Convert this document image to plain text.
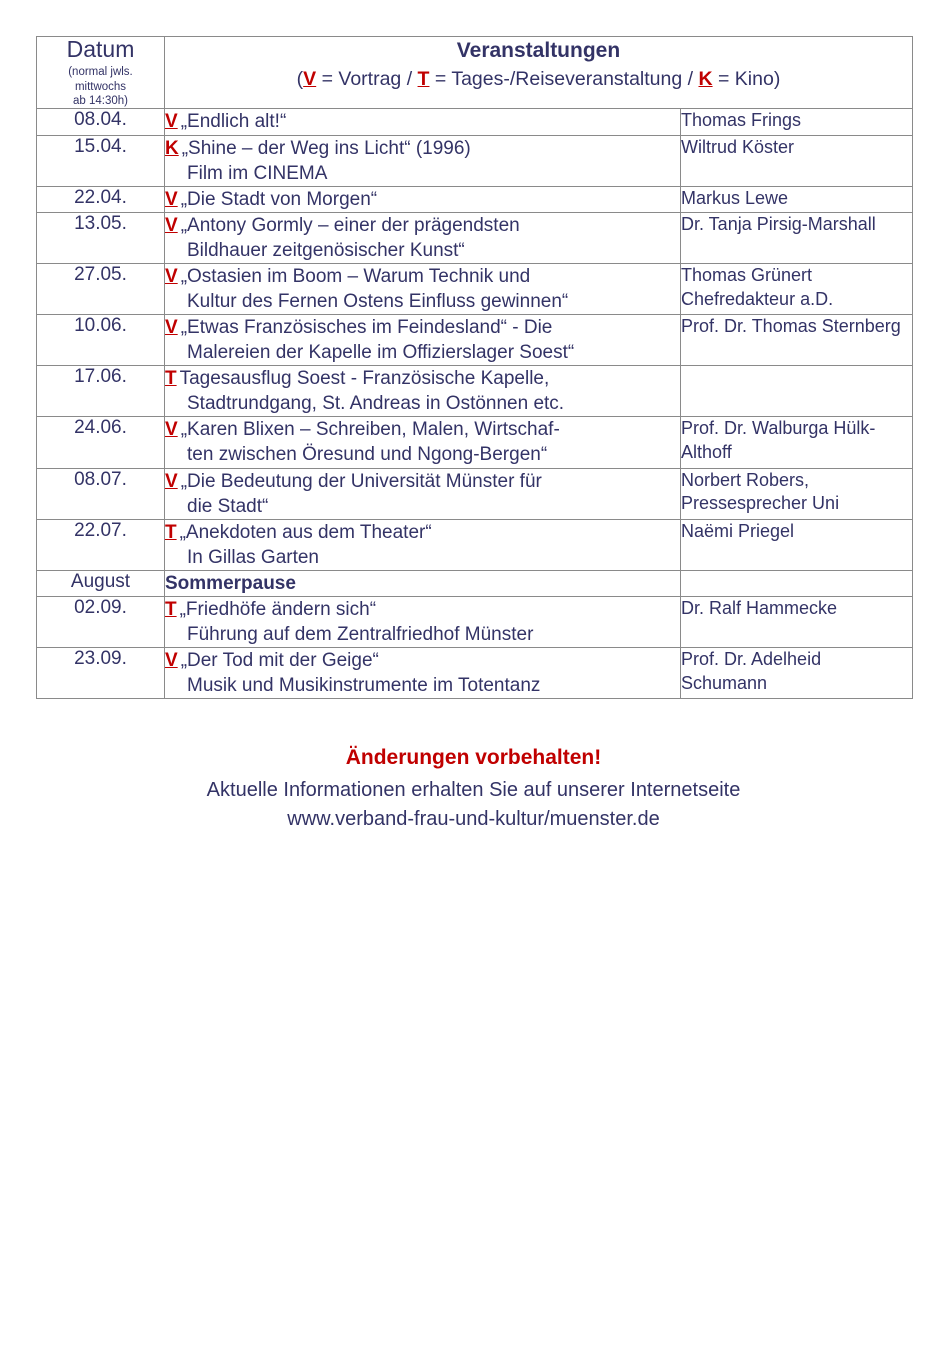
Datum
(normal jwls.
mittwochs
ab 14:30h)
	Veranstaltungen
(V = Vortrag / T = Tages-/Reiseveranstaltung / K = Kino)

08.04.	V „Endlich alt!“	Thomas Frings
15.04.	K „Shine – der Weg ins Licht“ (1996)
Film im CINEMA	Wiltrud Köster
22.04.	V „Die Stadt von Morgen“	Markus Lewe
13.05.	V „Antony Gormly – einer der prägendsten
Bildhauer zeitgenösischer Kunst“	Dr. Tanja Pirsig-Marshall
27.05.	V „Ostasien im Boom – Warum Technik und
Kultur des Fernen Ostens Einfluss gewinnen“	Thomas Grünert Chefredakteur a.D.
10.06.	V „Etwas Französisches im Feindesland“ - Die
Malereien der Kapelle im Offizierslager Soest“	Prof. Dr. Thomas Sternberg
17.06.	T Tagesausflug Soest - Französische Kapelle,
Stadtrundgang, St. Andreas in Ostönnen etc.	

24.06.	V „Karen Blixen – Schreiben, Malen, Wirtschaf-
ten zwischen Öresund und Ngong-Bergen“	Prof. Dr. Walburga Hülk-Althoff
08.07.	V „Die Bedeutung der Universität Münster für
die Stadt“	Norbert Robers, Pressesprecher Uni
22.07.	T „Anekdoten aus dem Theater“
In Gillas Garten	Naёmi Priegel
August	Sommerpause	
02.09.	T „Friedhöfe ändern sich“
Führung auf dem Zentralfriedhof Münster	Dr. Ralf Hammecke
23.09.	V „Der Tod mit der Geige“
Musik und Musikinstrumente im Totentanz	Prof. Dr. Adelheid Schumann
Änderungen vorbehalten!
Aktuelle Informationen erhalten Sie auf unserer Internetseite
www.verband-frau-und-kultur/muenster.de
